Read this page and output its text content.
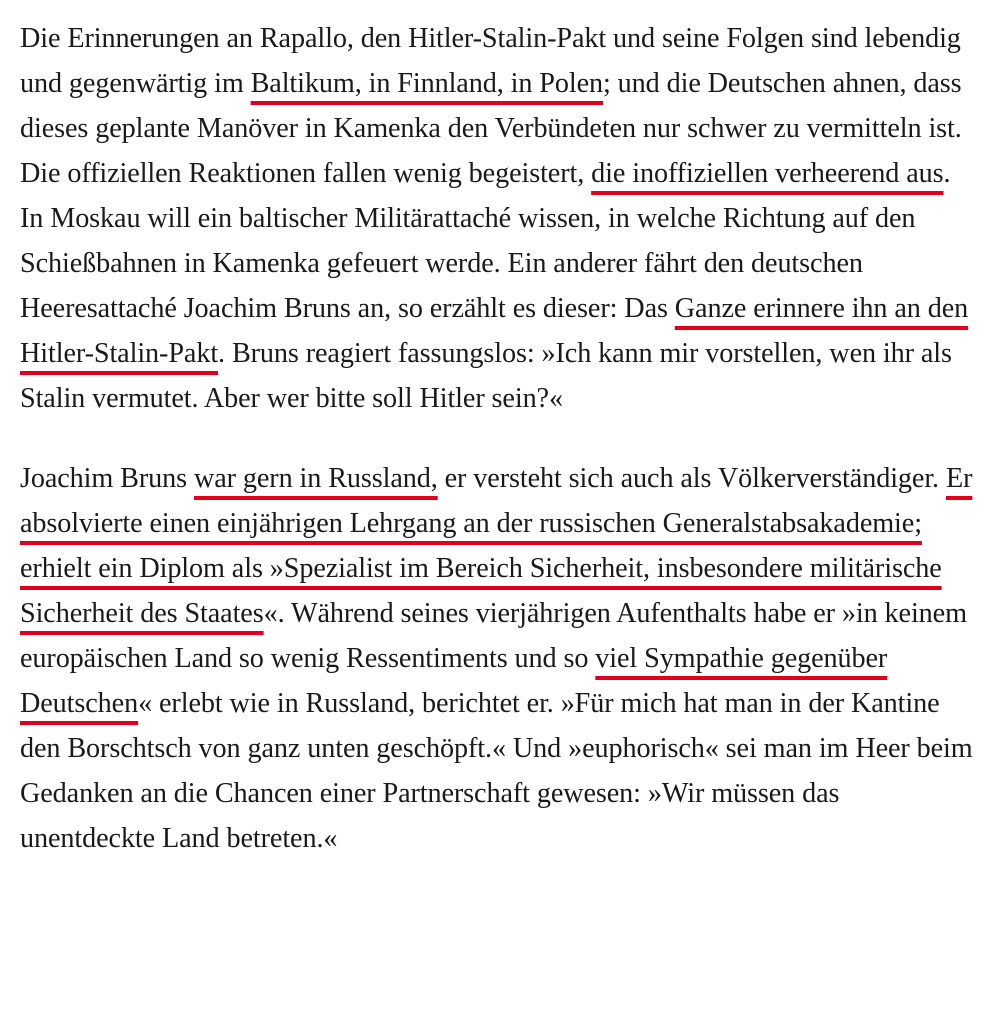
Die Erinnerungen an Rapallo, den Hitler-Stalin-Pakt und seine Folgen sind lebendig und gegenwärtig im Baltikum, in Finnland, in Polen; und die Deutschen ahnen, dass dieses geplante Manöver in Kamenka den Verbündeten nur schwer zu vermitteln ist. Die offiziellen Reaktionen fallen wenig begeistert, die inoffiziellen verheerend aus. In Moskau will ein baltischer Militärattaché wissen, in welche Richtung auf den Schießbahnen in Kamenka gefeuert werde. Ein anderer fährt den deutschen Heeresattaché Joachim Bruns an, so erzählt es dieser: Das Ganze erinnere ihn an den Hitler-Stalin-Pakt. Bruns reagiert fassungslos: »Ich kann mir vorstellen, wen ihr als Stalin vermutet. Aber wer bitte soll Hitler sein?«

Joachim Bruns war gern in Russland, er versteht sich auch als Völkerverständiger. Er absolvierte einen einjährigen Lehrgang an der russischen Generalstabsakademie; erhielt ein Diplom als »Spezialist im Bereich Sicherheit, insbesondere militärische Sicherheit des Staates«. Während seines vierjährigen Aufenthalts habe er »in keinem europäischen Land so wenig Ressentiments und so viel Sympathie gegenüber Deutschen« erlebt wie in Russland, berichtet er. »Für mich hat man in der Kantine den Borschtsch von ganz unten geschöpft.« Und »euphorisch« sei man im Heer beim Gedanken an die Chancen einer Partnerschaft gewesen: »Wir müssen das unentdeckte Land betreten.«
